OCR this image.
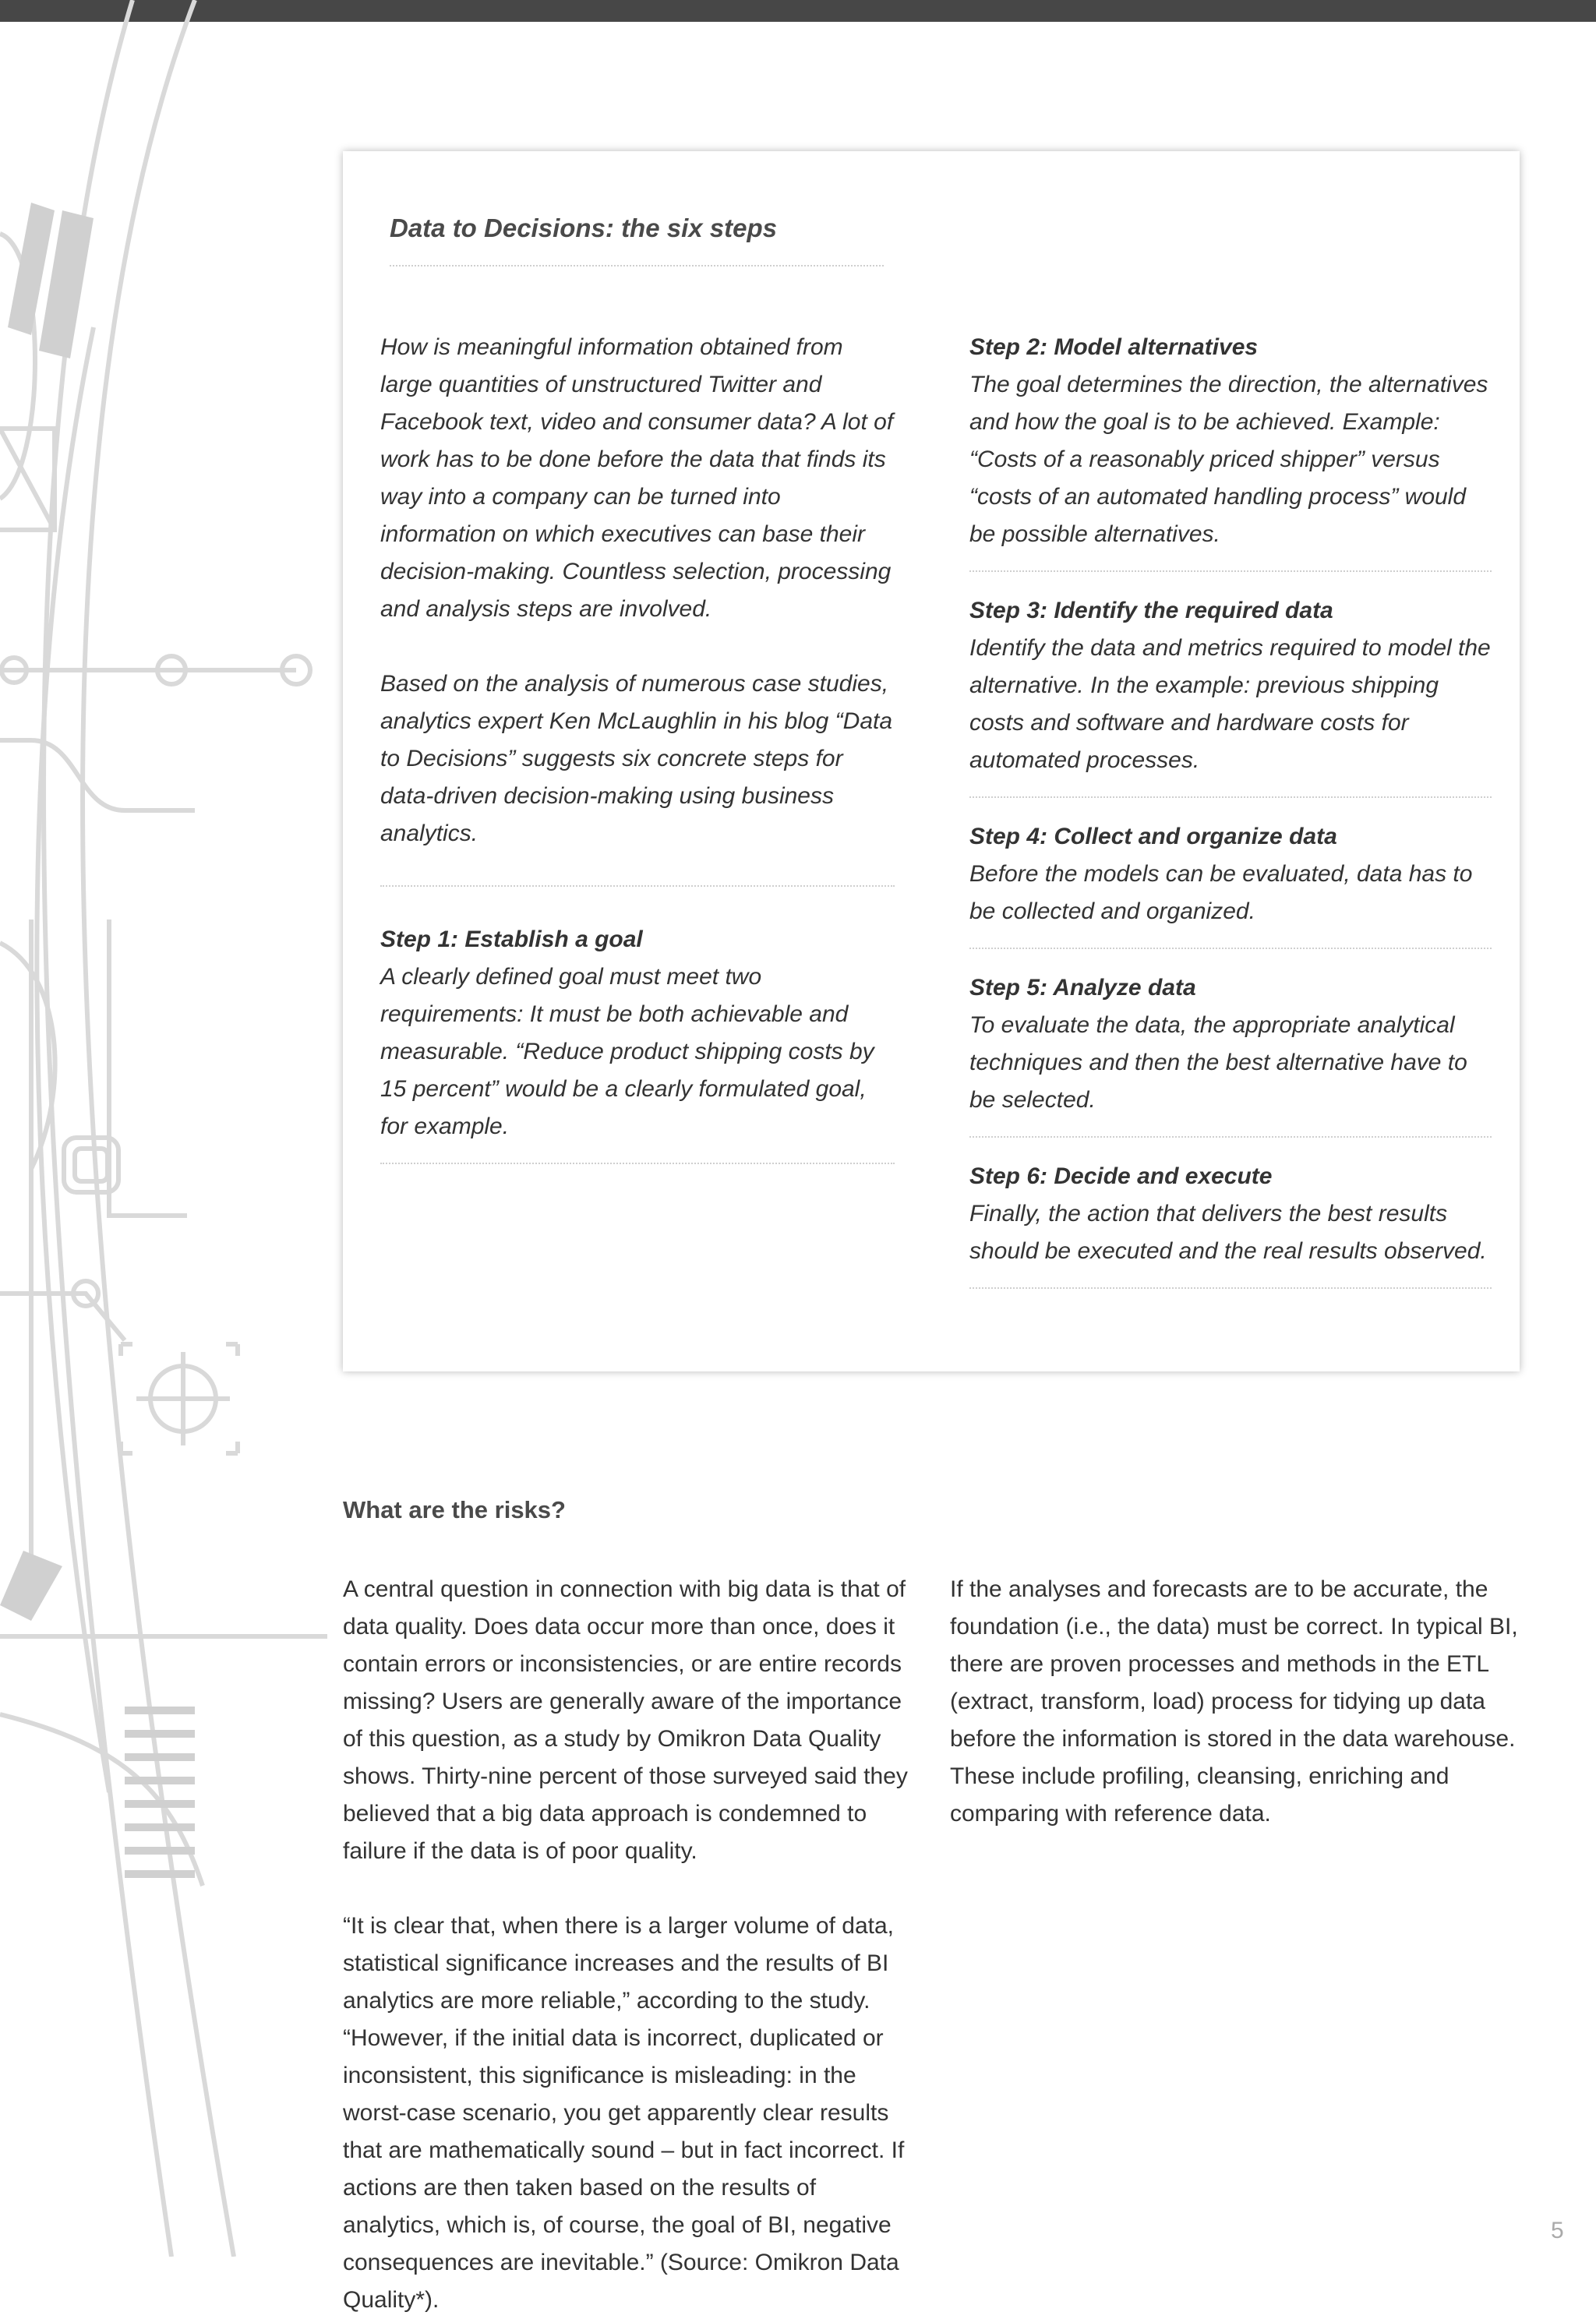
Data to Decisions: the six steps

How is meaningful information obtained from large quantities of unstructured Twitter and Facebook text, video and consumer data? A lot of work has to be done before the data that finds its way into a company can be turned into information on which executives can base their decision-making. Countless selection, processing and analysis steps are involved.

Based on the analysis of numerous case studies, analytics expert Ken McLaughlin in his blog “Data to Decisions” suggests six concrete steps for data-driven decision-making using business analytics.

Step 1: Establish a goal
A clearly defined goal must meet two requirements: It must be both achievable and measurable. “Reduce product shipping costs by 15 percent” would be a clearly formulated goal, for example.
Step 2: Model alternatives
The goal determines the direction, the alternatives and how the goal is to be achieved. Example: “Costs of a reasonably priced shipper” versus “costs of an automated handling process” would be possible alternatives.
Step 3: Identify the required data
Identify the data and metrics required to model the alternative. In the example: previous shipping costs and software and hardware costs for automated processes.
Step 4: Collect and organize data
Before the models can be evaluated, data has to be collected and organized.
Step 5: Analyze data
To evaluate the data, the appropriate analytical techniques and then the best alternative have to be selected.
Step 6: Decide and execute
Finally, the action that delivers the best results should be executed and the real results observed.
What are the risks?

A central question in connection with big data is that of data quality. Does data occur more than once, does it contain errors or inconsistencies, or are entire records missing? Users are generally aware of the importance of this question, as a study by Omikron Data Quality shows. Thirty-nine percent of those surveyed said they believed that a big data approach is condemned to failure if the data is of poor quality.

“It is clear that, when there is a larger volume of data, statistical significance increases and the results of BI analytics are more reliable,” according to the study. “However, if the initial data is incorrect, duplicated or inconsistent, this significance is misleading: in the worst-case scenario, you get apparently clear results that are mathematically sound – but in fact incorrect. If actions are then taken based on the results of analytics, which is, of course, the goal of BI, negative consequences are inevitable.” (Source: Omikron Data Quality*).

If the analyses and forecasts are to be accurate, the foundation (i.e., the data) must be correct. In typical BI, there are proven processes and methods in the ETL (extract, transform, load) process for tidying up data before the information is stored in the data warehouse. These include profiling, cleansing, enriching and comparing with reference data.

5
